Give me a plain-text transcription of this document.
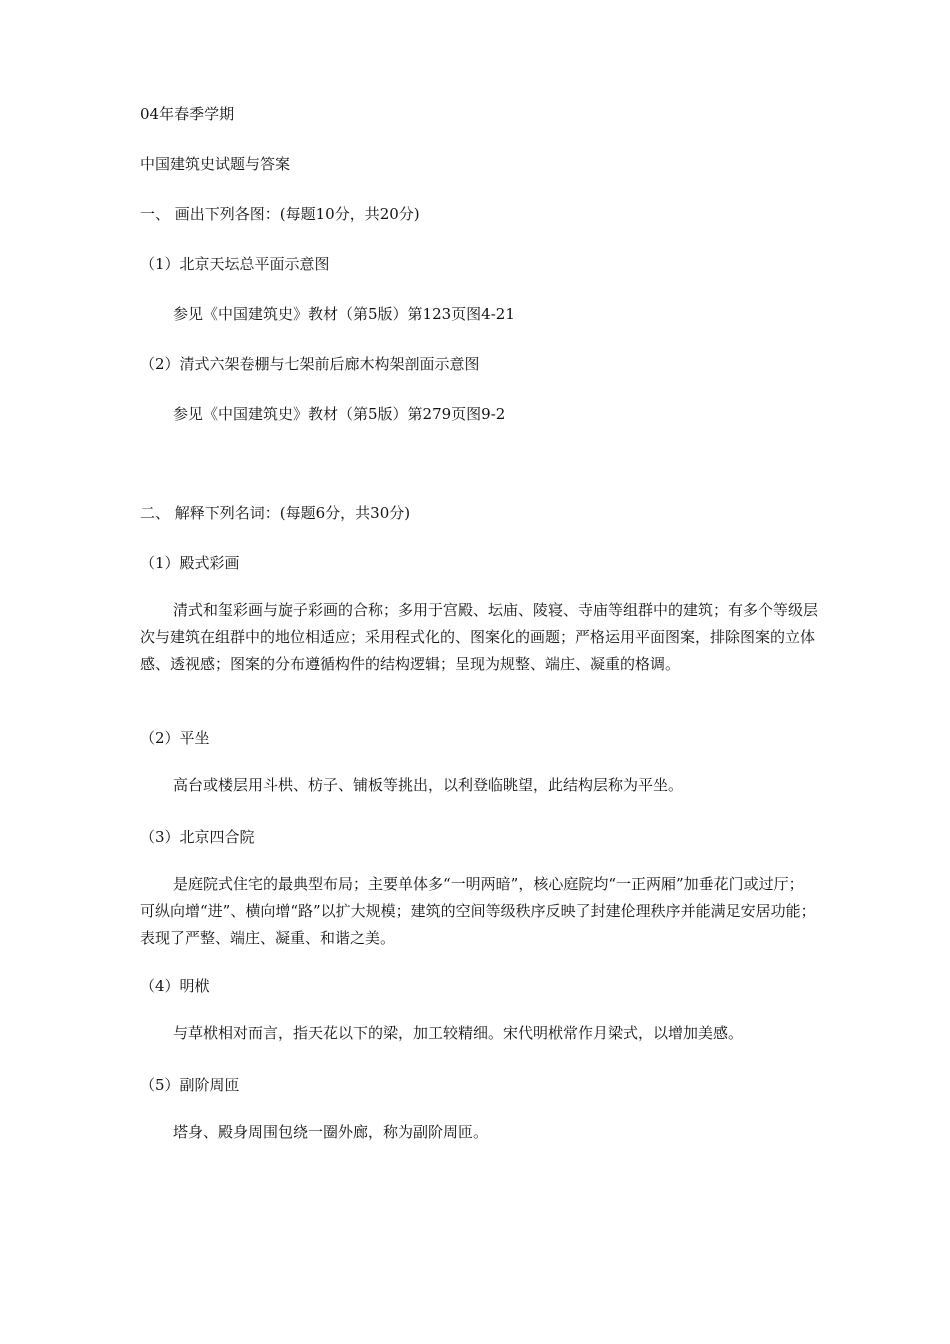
04年春季学期
中国建筑史试题与答案
一、 画出下列各图：(每题10分，共20分)
（1）北京天坛总平面示意图
参见《中国建筑史》教材（第5版）第123页图4-21
（2）清式六架卷棚与七架前后廊木构架剖面示意图
参见《中国建筑史》教材（第5版）第279页图9-2
二、 解释下列名词：(每题6分，共30分)
（1）殿式彩画
清式和玺彩画与旋子彩画的合称；多用于宫殿、坛庙、陵寝、寺庙等组群中的建筑；有多个等级层次与建筑在组群中的地位相适应；采用程式化的、图案化的画题；严格运用平面图案，排除图案的立体感、透视感；图案的分布遵循构件的结构逻辑；呈现为规整、端庄、凝重的格调。
（2）平坐
高台或楼层用斗栱、枋子、铺板等挑出，以利登临眺望，此结构层称为平坐。
（3）北京四合院
是庭院式住宅的最典型布局；主要单体多“一明两暗”，核心庭院均“一正两厢”加垂花门或过厅；可纵向增“进”、横向增“路”以扩大规模；建筑的空间等级秩序反映了封建伦理秩序并能满足安居功能；表现了严整、端庄、凝重、和谐之美。
（4）明栿
与草栿相对而言，指天花以下的梁，加工较精细。宋代明栿常作月梁式，以增加美感。
（5）副阶周匝
塔身、殿身周围包绕一圈外廊，称为副阶周匝。
